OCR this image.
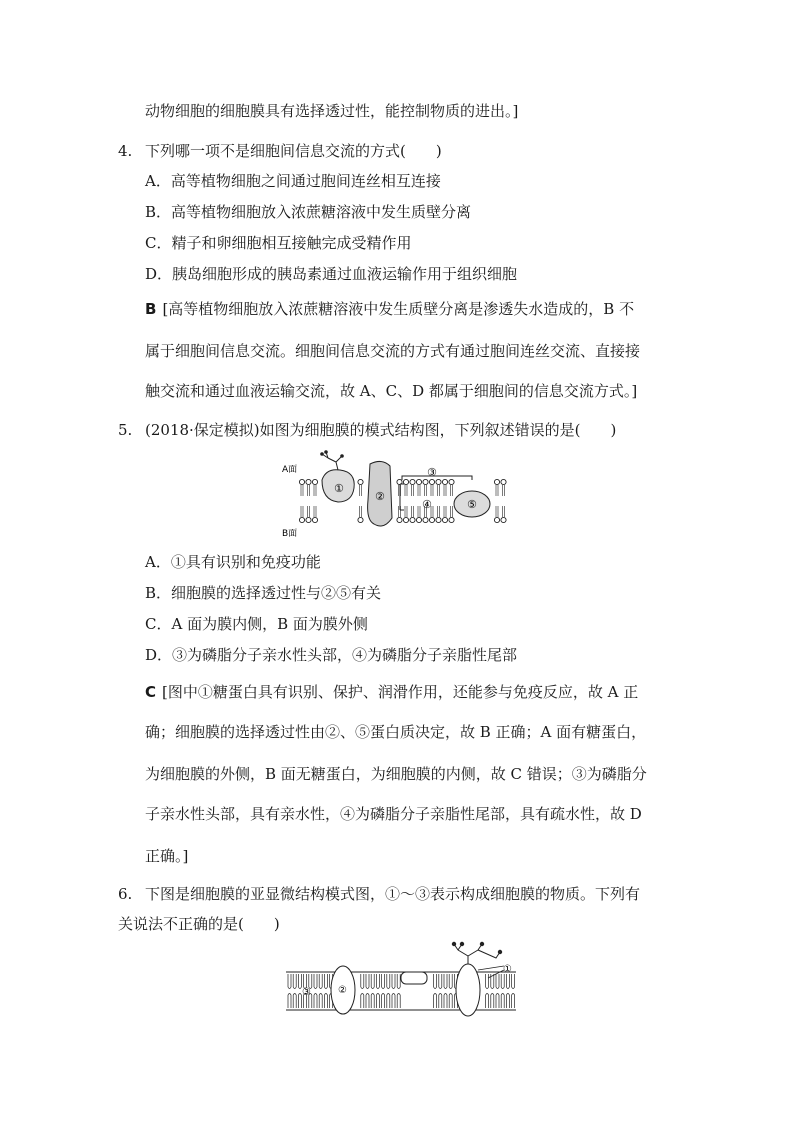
动物细胞的细胞膜具有选择透过性，能控制物质的进出。]
4. 下列哪一项不是细胞间信息交流的方式(　　)
A．高等植物细胞之间通过胞间连丝相互连接
B．高等植物细胞放入浓蔗糖溶液中发生质壁分离
C．精子和卵细胞相互接触完成受精作用
D．胰岛细胞形成的胰岛素通过血液运输作用于组织细胞
B [高等植物细胞放入浓蔗糖溶液中发生质壁分离是渗透失水造成的，B 不
属于细胞间信息交流。细胞间信息交流的方式有通过胞间连丝交流、直接接
触交流和通过血液运输交流，故 A、C、D 都属于细胞间的信息交流方式。]
5. (2018·保定模拟)如图为细胞膜的模式结构图，下列叙述错误的是(　　)
A面
B面
①
②
③
④	⑤
A．①具有识别和免疫功能
B．细胞膜的选择透过性与②⑤有关
C．A 面为膜内侧，B 面为膜外侧
D．③为磷脂分子亲水性头部，④为磷脂分子亲脂性尾部
C [图中①糖蛋白具有识别、保护、润滑作用，还能参与免疫反应，故 A 正
确；细胞膜的选择透过性由②、⑤蛋白质决定，故 B 正确；A 面有糖蛋白，
为细胞膜的外侧，B 面无糖蛋白，为细胞膜的内侧，故 C 错误；③为磷脂分
子亲水性头部，具有亲水性，④为磷脂分子亲脂性尾部，具有疏水性，故 D
正确。]
6. 下图是细胞膜的亚显微结构模式图，①～③表示构成细胞膜的物质。下列有
关说法不正确的是(　　)
①
②
③
